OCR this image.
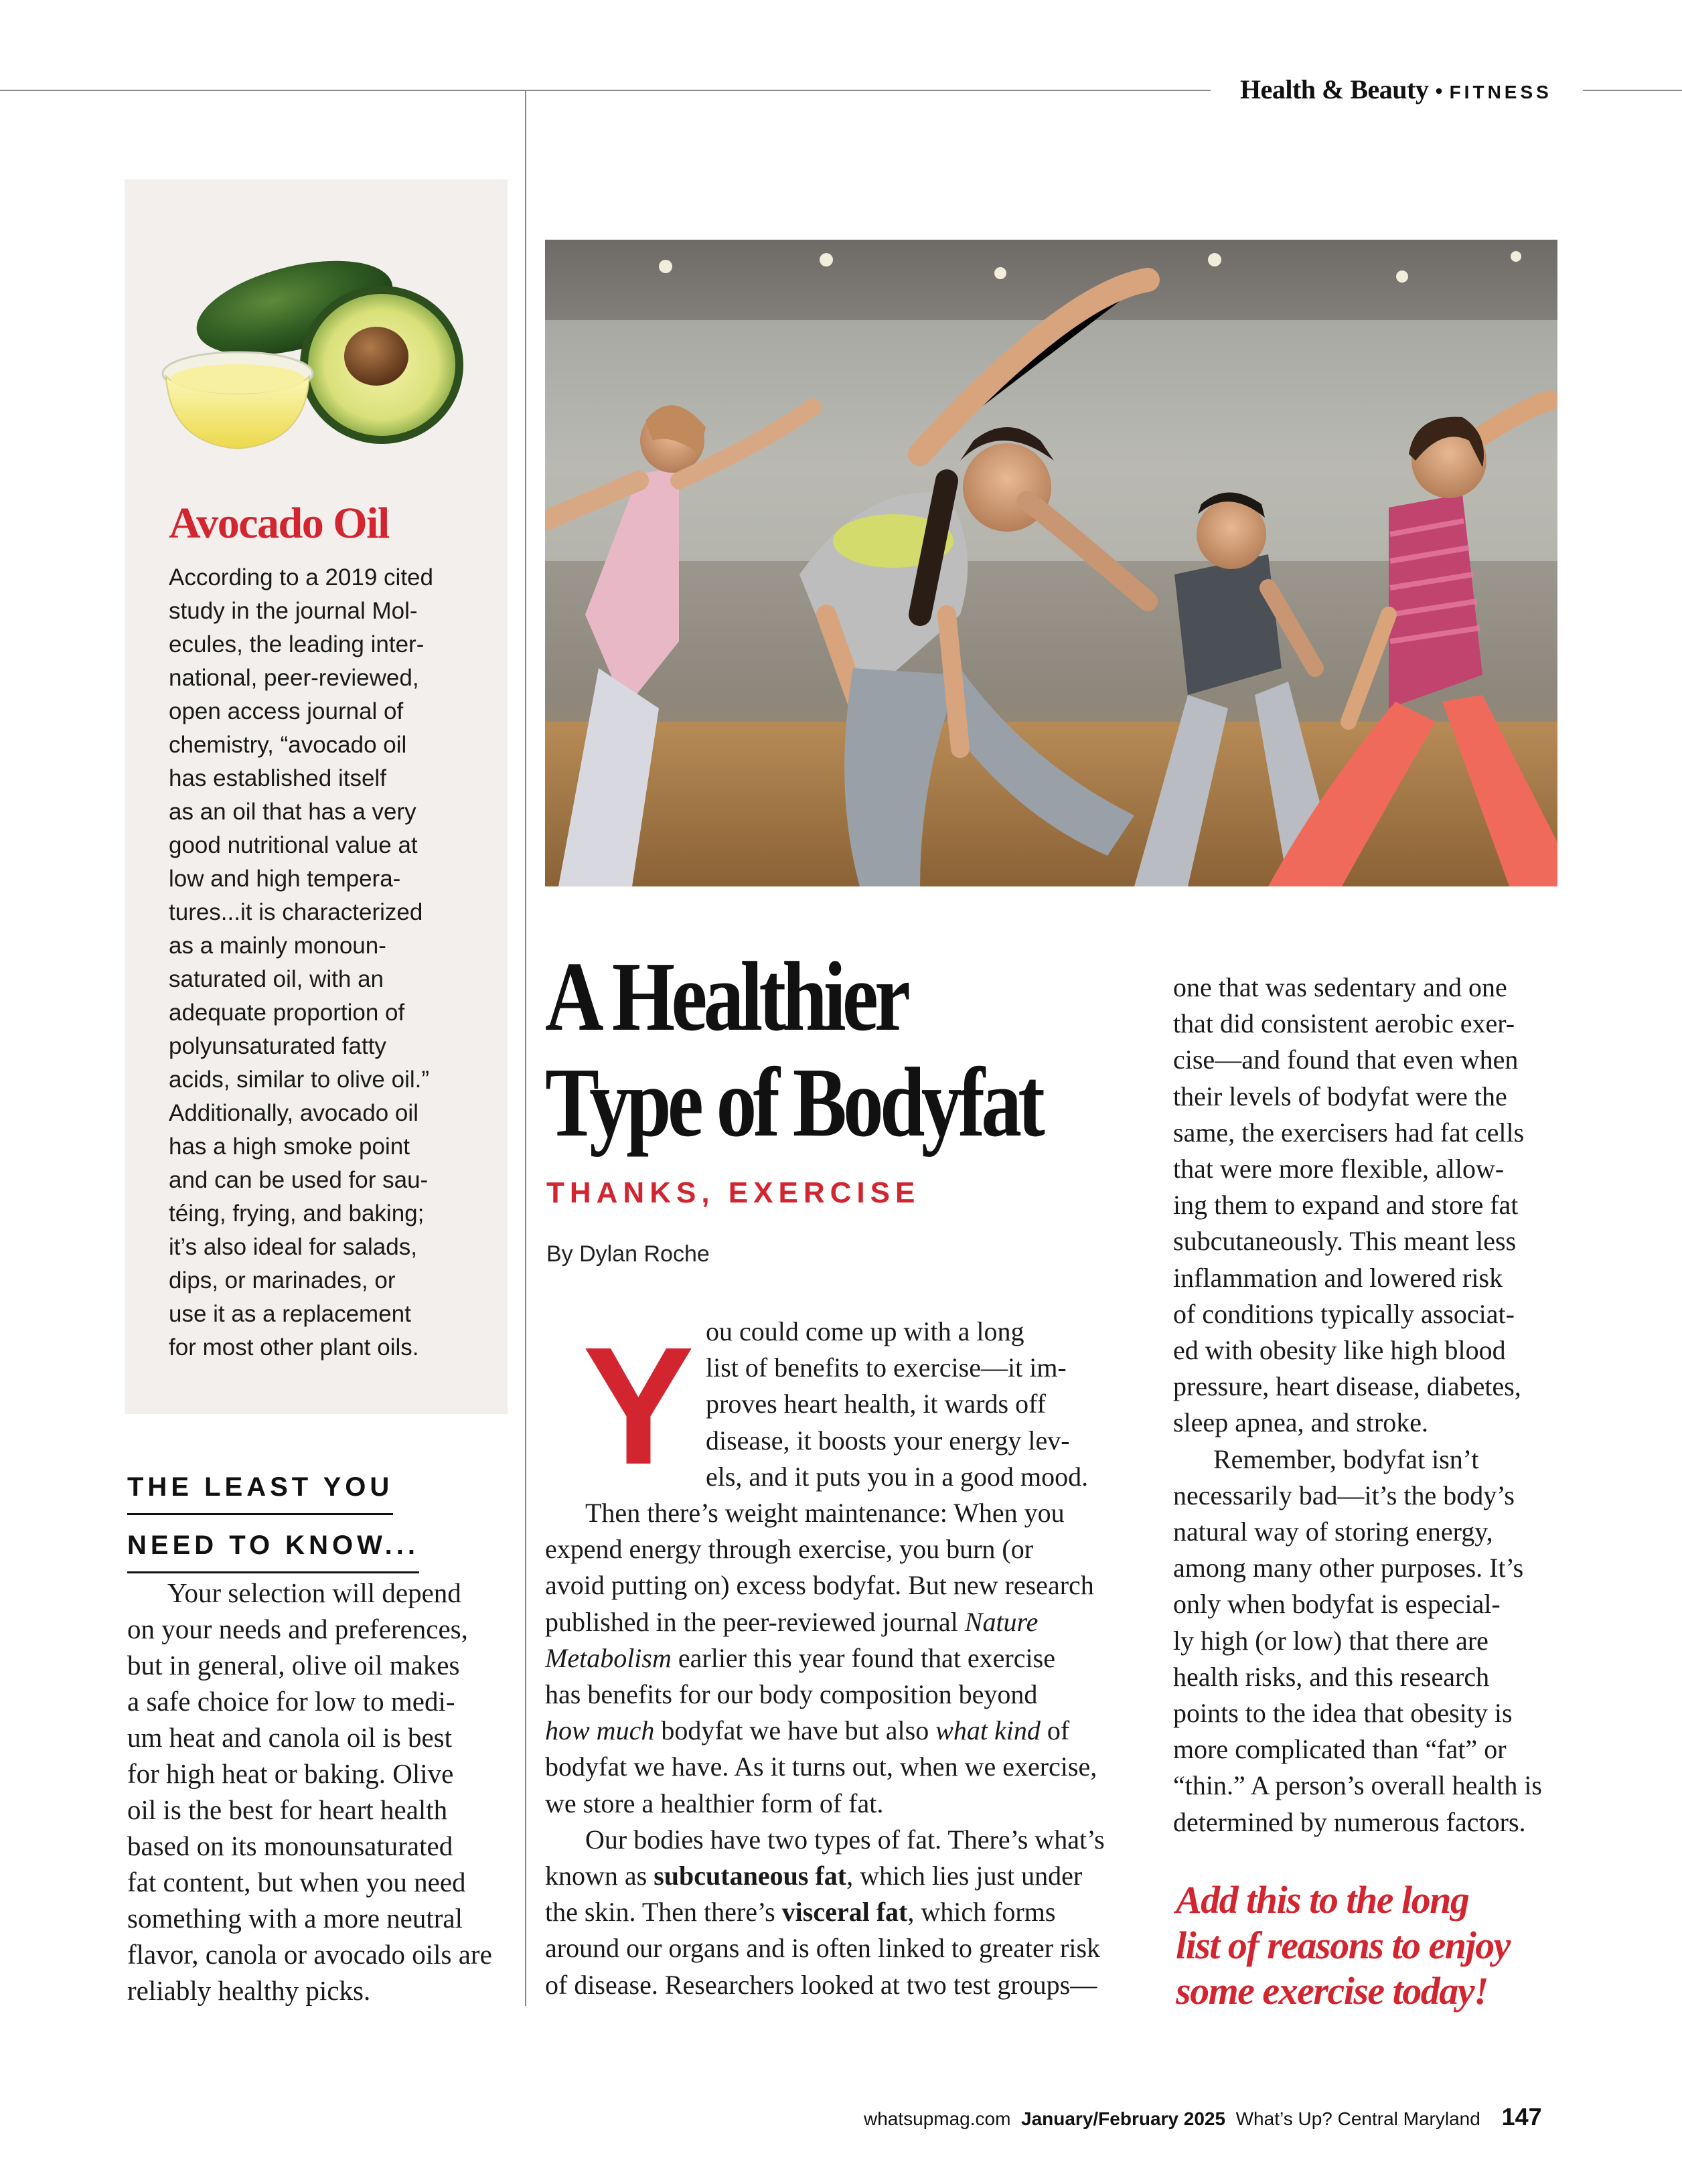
Health & Beauty • FITNESS
Avocado Oil
According to a 2019 cited
study in the journal Mol-
ecules, the leading inter-
national, peer-reviewed,
open access journal of
chemistry, “avocado oil
has established itself
as an oil that has a very
good nutritional value at
low and high tempera-
tures...it is characterized
as a mainly monoun-
saturated oil, with an
adequate proportion of
polyunsaturated fatty
acids, similar to olive oil.”
Additionally, avocado oil
has a high smoke point
and can be used for sau-
téing, frying, and baking;
it’s also ideal for salads,
dips, or marinades, or
use it as a replacement
for most other plant oils.
THE LEAST YOU
NEED TO KNOW...
Your selection will depend
on your needs and preferences,
but in general, olive oil makes
a safe choice for low to medi-
um heat and canola oil is best
for high heat or baking. Olive
oil is the best for heart health
based on its monounsaturated
fat content, but when you need
something with a more neutral
flavor, canola or avocado oils are
reliably healthy picks.
A Healthier
Type of Bodyfat
THANKS, EXERCISE
By Dylan Roche
Y ou could come up with a long
list of benefits to exercise—it im-
proves heart health, it wards off
disease, it boosts your energy lev-
els, and it puts you in a good mood.
Then there’s weight maintenance: When you
expend energy through exercise, you burn (or
avoid putting on) excess bodyfat. But new research
published in the peer-reviewed journal Nature
Metabolism earlier this year found that exercise
has benefits for our body composition beyond
how much bodyfat we have but also what kind of
bodyfat we have. As it turns out, when we exercise,
we store a healthier form of fat.
Our bodies have two types of fat. There’s what’s
known as subcutaneous fat, which lies just under
the skin. Then there’s visceral fat, which forms
around our organs and is often linked to greater risk
of disease. Researchers looked at two test groups—
one that was sedentary and one
that did consistent aerobic exer-
cise—and found that even when
their levels of bodyfat were the
same, the exercisers had fat cells
that were more flexible, allow-
ing them to expand and store fat
subcutaneously. This meant less
inflammation and lowered risk
of conditions typically associat-
ed with obesity like high blood
pressure, heart disease, diabetes,
sleep apnea, and stroke.
Remember, bodyfat isn’t
necessarily bad—it’s the body’s
natural way of storing energy,
among many other purposes. It’s
only when bodyfat is especial-
ly high (or low) that there are
health risks, and this research
points to the idea that obesity is
more complicated than “fat” or
“thin.” A person’s overall health is
determined by numerous factors.
Add this to the long
list of reasons to enjoy
some exercise today!
whatsupmag.com January/February 2025 What’s Up? Central Maryland 147
